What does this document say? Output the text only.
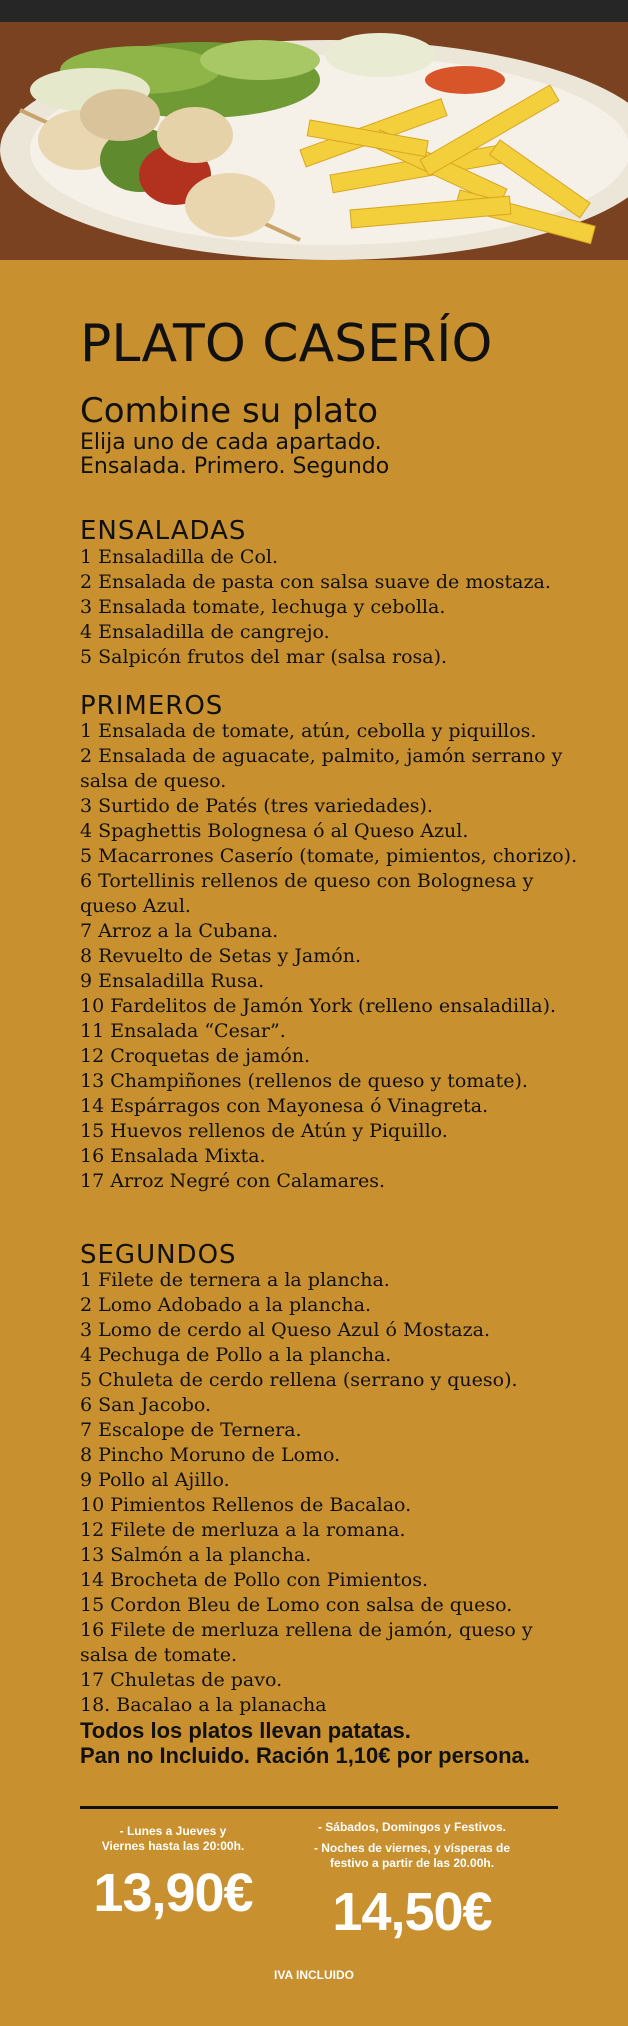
PLATO CASERÍO
Combine su plato
Elija uno de cada apartado.
Ensalada. Primero. Segundo
ENSALADAS
1 Ensaladilla de Col.
2 Ensalada de pasta con salsa suave de mostaza.
3 Ensalada tomate, lechuga y cebolla.
4 Ensaladilla de cangrejo.
5 Salpicón frutos del mar (salsa rosa).
PRIMEROS
1 Ensalada de tomate, atún, cebolla y piquillos.
2 Ensalada de aguacate, palmito, jamón serrano y salsa de queso.
3 Surtido de Patés (tres variedades).
4 Spaghettis Bolognesa ó al Queso Azul.
5 Macarrones Caserío (tomate, pimientos, chorizo).
6 Tortellinis rellenos de queso con Bolognesa y queso Azul.
7 Arroz a la Cubana.
8 Revuelto de Setas y Jamón.
9 Ensaladilla Rusa.
10 Fardelitos de Jamón York (relleno ensaladilla).
11 Ensalada “Cesar”.
12 Croquetas de jamón.
13 Champiñones (rellenos de queso y tomate).
14 Espárragos con Mayonesa ó Vinagreta.
15 Huevos rellenos de Atún y Piquillo.
16 Ensalada Mixta.
17 Arroz Negré con Calamares.
SEGUNDOS
1 Filete de ternera a la plancha.
2 Lomo Adobado a la plancha.
3 Lomo de cerdo al Queso Azul ó Mostaza.
4 Pechuga de Pollo a la plancha.
5 Chuleta de cerdo rellena (serrano y queso).
6 San Jacobo.
7 Escalope de Ternera.
8 Pincho Moruno de Lomo.
9 Pollo al Ajillo.
10 Pimientos Rellenos de Bacalao.
12 Filete de merluza a la romana.
13 Salmón a la plancha.
14 Brocheta de Pollo con Pimientos.
15 Cordon Bleu de Lomo con salsa de queso.
16 Filete de merluza rellena de jamón, queso y salsa de tomate.
17 Chuletas de pavo.
18. Bacalao a la planacha
Todos los platos llevan patatas.
Pan no Incluido. Ración 1,10€ por persona.
- Lunes a Jueves y
Viernes hasta las 20:00h.
13,90€
- Sábados, Domingos y Festivos.
- Noches de viernes, y vísperas de
festivo a partir de las 20.00h.
14,50€
IVA INCLUIDO
